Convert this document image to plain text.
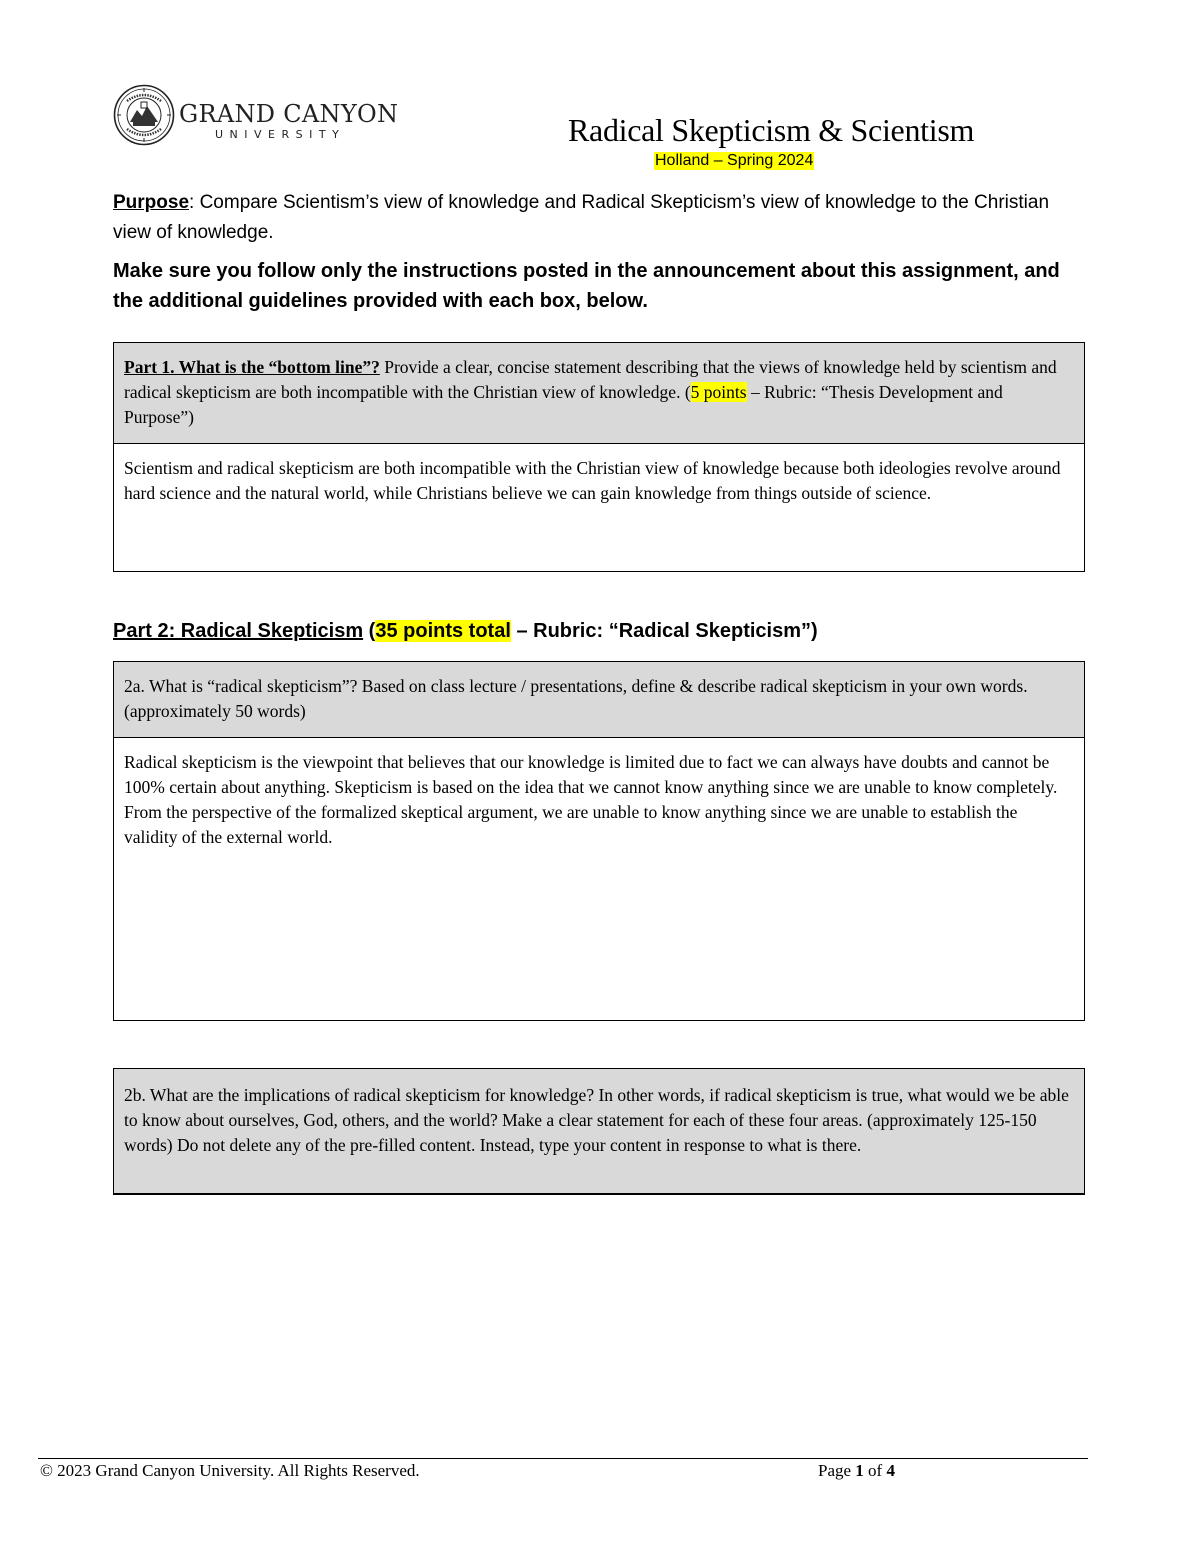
GRAND CANYON
UNIVERSITY	Radical Skepticism & Scientism
Holland – Spring 2024
Purpose: Compare Scientism’s view of knowledge and Radical Skepticism’s view of knowledge to the Christian view of knowledge.
Make sure you follow only the instructions posted in the announcement about this assignment, and the additional guidelines provided with each box, below.
Part 1. What is the “bottom line”? Provide a clear, concise statement describing that the views of knowledge held by scientism and radical skepticism are both incompatible with the Christian view of knowledge. (5 points – Rubric: “Thesis Development and Purpose”)
Scientism and radical skepticism are both incompatible with the Christian view of knowledge because both ideologies revolve around hard science and the natural world, while Christians believe we can gain knowledge from things outside of science.
Part 2: Radical Skepticism (35 points total – Rubric: “Radical Skepticism”)
2a. What is “radical skepticism”? Based on class lecture / presentations, define & describe radical skepticism in your own words. (approximately 50 words)
Radical skepticism is the viewpoint that believes that our knowledge is limited due to fact we can always have doubts and cannot be 100% certain about anything. Skepticism is based on the idea that we cannot know anything since we are unable to know completely. From the perspective of the formalized skeptical argument, we are unable to know anything since we are unable to establish the validity of the external world.
2b. What are the implications of radical skepticism for knowledge? In other words, if radical skepticism is true, what would we be able to know about ourselves, God, others, and the world? Make a clear statement for each of these four areas. (approximately 125-150 words) Do not delete any of the pre-filled content. Instead, type your content in response to what is there.
© 2023 Grand Canyon University. All Rights Reserved.	Page 1 of 4
